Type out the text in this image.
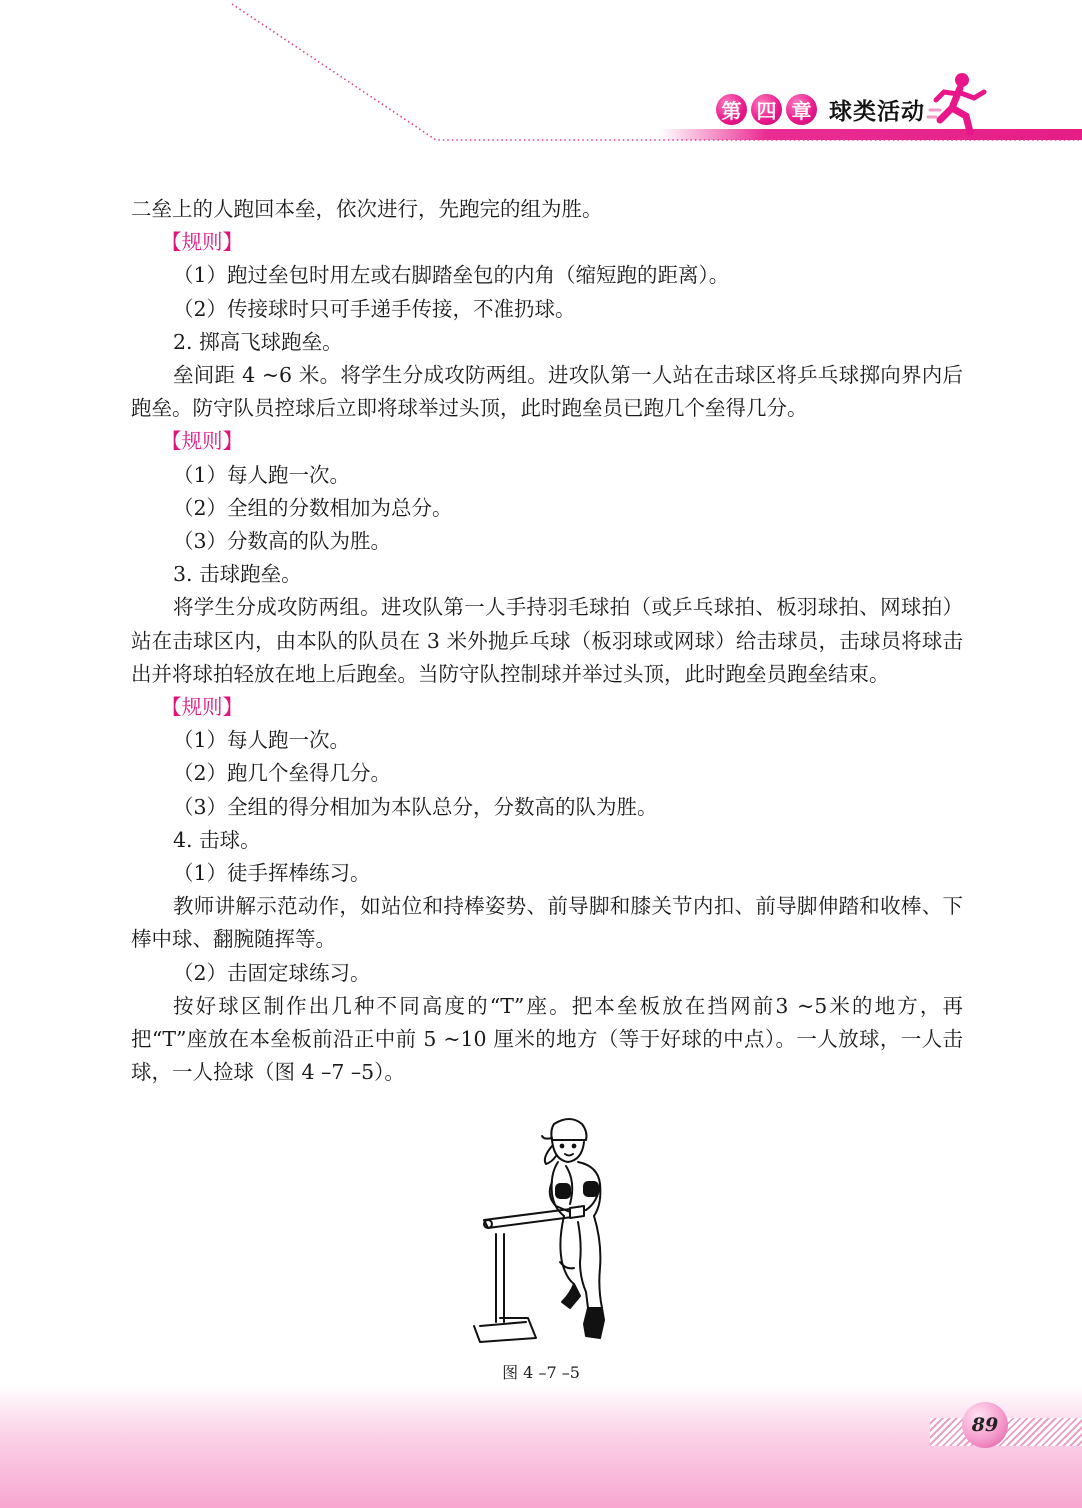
第 四 章 球类活动

二垒上的人跑回本垒，依次进行，先跑完的组为胜。

【规则】

（1）跑过垒包时用左或右脚踏垒包的内角（缩短跑的距离）。

（2）传接球时只可手递手传接，不准扔球。

2. 掷高飞球跑垒。

垒间距 4 ~6 米。将学生分成攻防两组。进攻队第一人站在击球区将乒乓球掷向界内后跑垒。防守队员控球后立即将球举过头顶，此时跑垒员已跑几个垒得几分。

【规则】

（1）每人跑一次。

（2）全组的分数相加为总分。

（3）分数高的队为胜。

3. 击球跑垒。

将学生分成攻防两组。进攻队第一人手持羽毛球拍（或乒乓球拍、板羽球拍、网球拍）站在击球区内，由本队的队员在 3 米外抛乒乓球（板羽球或网球）给击球员，击球员将球击出并将球拍轻放在地上后跑垒。当防守队控制球并举过头顶，此时跑垒员跑垒结束。

【规则】

（1）每人跑一次。

（2）跑几个垒得几分。

（3）全组的得分相加为本队总分，分数高的队为胜。

4. 击球。

（1）徒手挥棒练习。

教师讲解示范动作，如站位和持棒姿势、前导脚和膝关节内扣、前导脚伸踏和收棒、下棒中球、翻腕随挥等。

（2）击固定球练习。

按好球区制作出几种不同高度的“T”座。把本垒板放在挡网前3 ~5米的地方，再把“T”座放在本垒板前沿正中前 5 ~10 厘米的地方（等于好球的中点）。一人放球，一人击球，一人捡球（图 4 –7 –5）。

图 4 –7 –5
89
